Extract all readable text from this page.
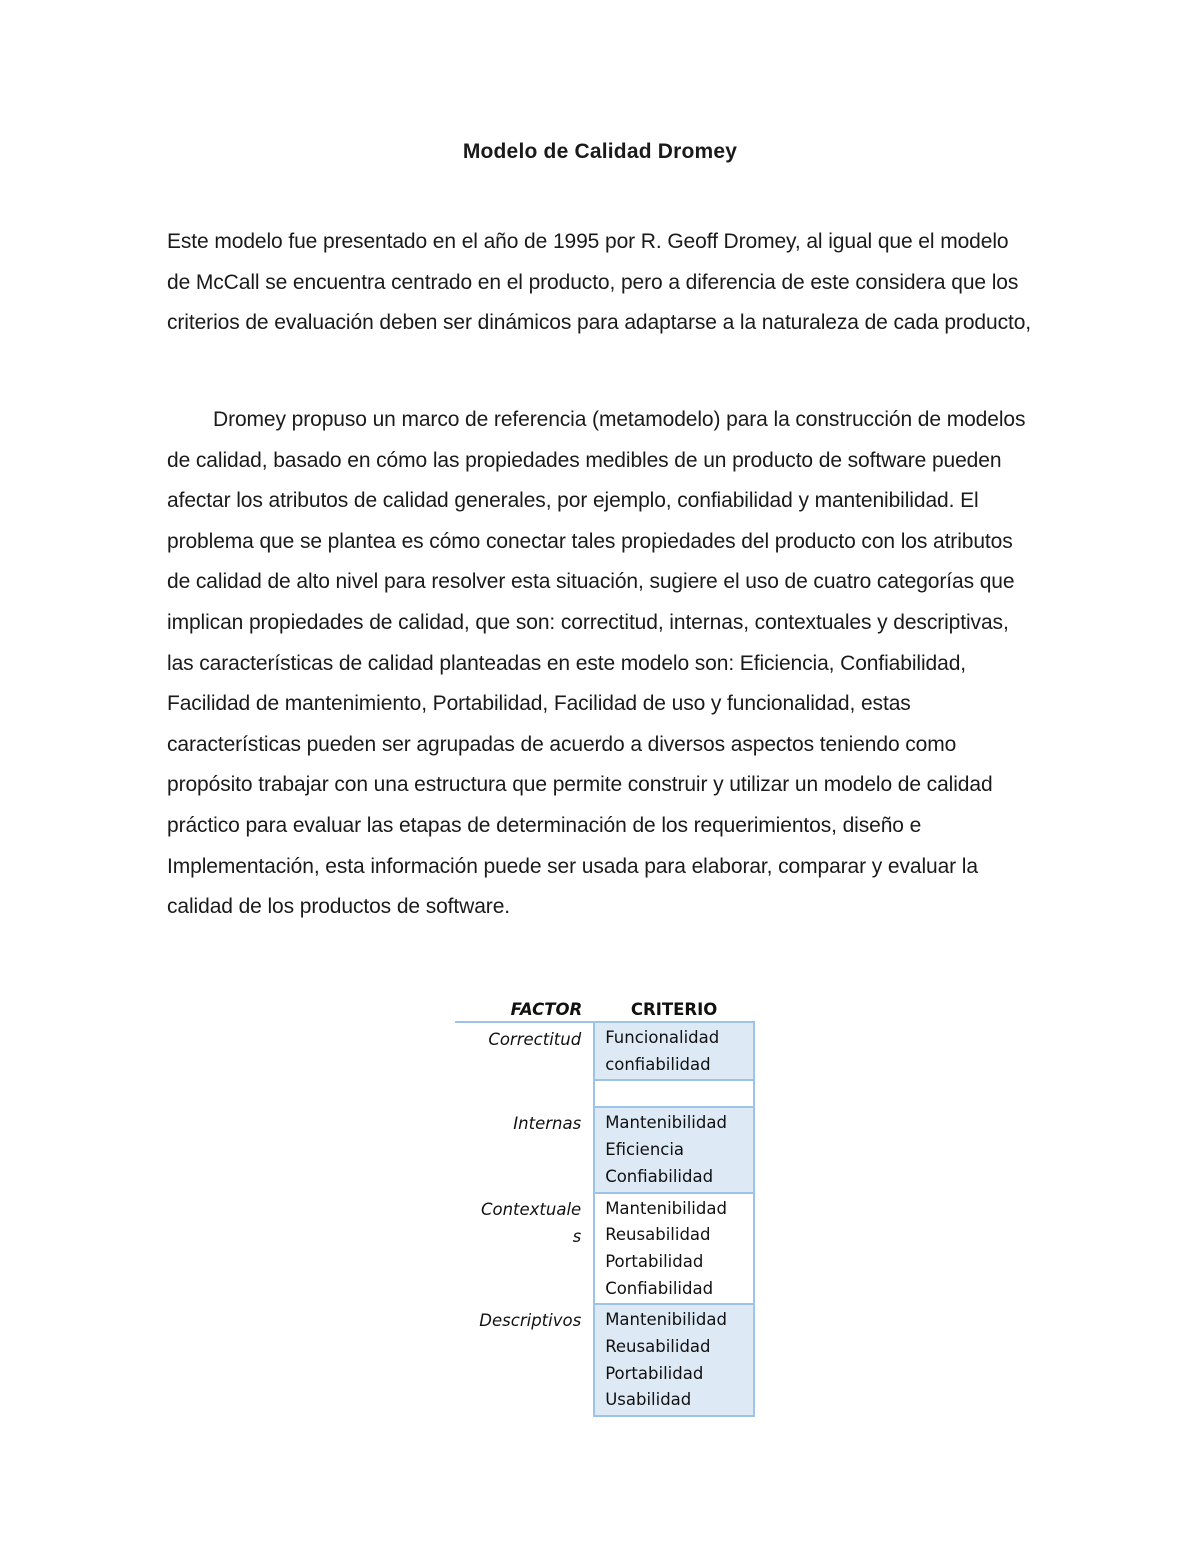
Modelo de Calidad Dromey

Este modelo fue presentado en el año de 1995 por R. Geoff Dromey, al igual que el modelo de McCall se encuentra centrado en el producto, pero a diferencia de este considera que los criterios de evaluación deben ser dinámicos para adaptarse a la naturaleza de cada producto,

Dromey propuso un marco de referencia (metamodelo) para la construcción de modelos de calidad, basado en cómo las propiedades medibles de un producto de software pueden afectar los atributos de calidad generales, por ejemplo, confiabilidad y mantenibilidad. El problema que se plantea es cómo conectar tales propiedades del producto con los atributos de calidad de alto nivel para resolver esta situación, sugiere el uso de cuatro categorías que implican propiedades de calidad, que son: correctitud, internas, contextuales y descriptivas, las características de calidad planteadas en este modelo son: Eficiencia, Confiabilidad, Facilidad de mantenimiento, Portabilidad, Facilidad de uso y funcionalidad, estas características pueden ser agrupadas de acuerdo a diversos aspectos teniendo como propósito trabajar con una estructura que permite construir y utilizar un modelo de calidad práctico para evaluar las etapas de determinación de los requerimientos, diseño e Implementación, esta información puede ser usada para elaborar, comparar y evaluar la calidad de los productos de software.

FACTOR	CRITERIO
Correctitud	Funcionalidad
confiabilidad

Internas	Mantenibilidad
Eficiencia
Confiabilidad

Contextuale s	Mantenibilidad
Reusabilidad
Portabilidad
Confiabilidad

Descriptivos	Mantenibilidad
Reusabilidad
Portabilidad
Usabilidad
